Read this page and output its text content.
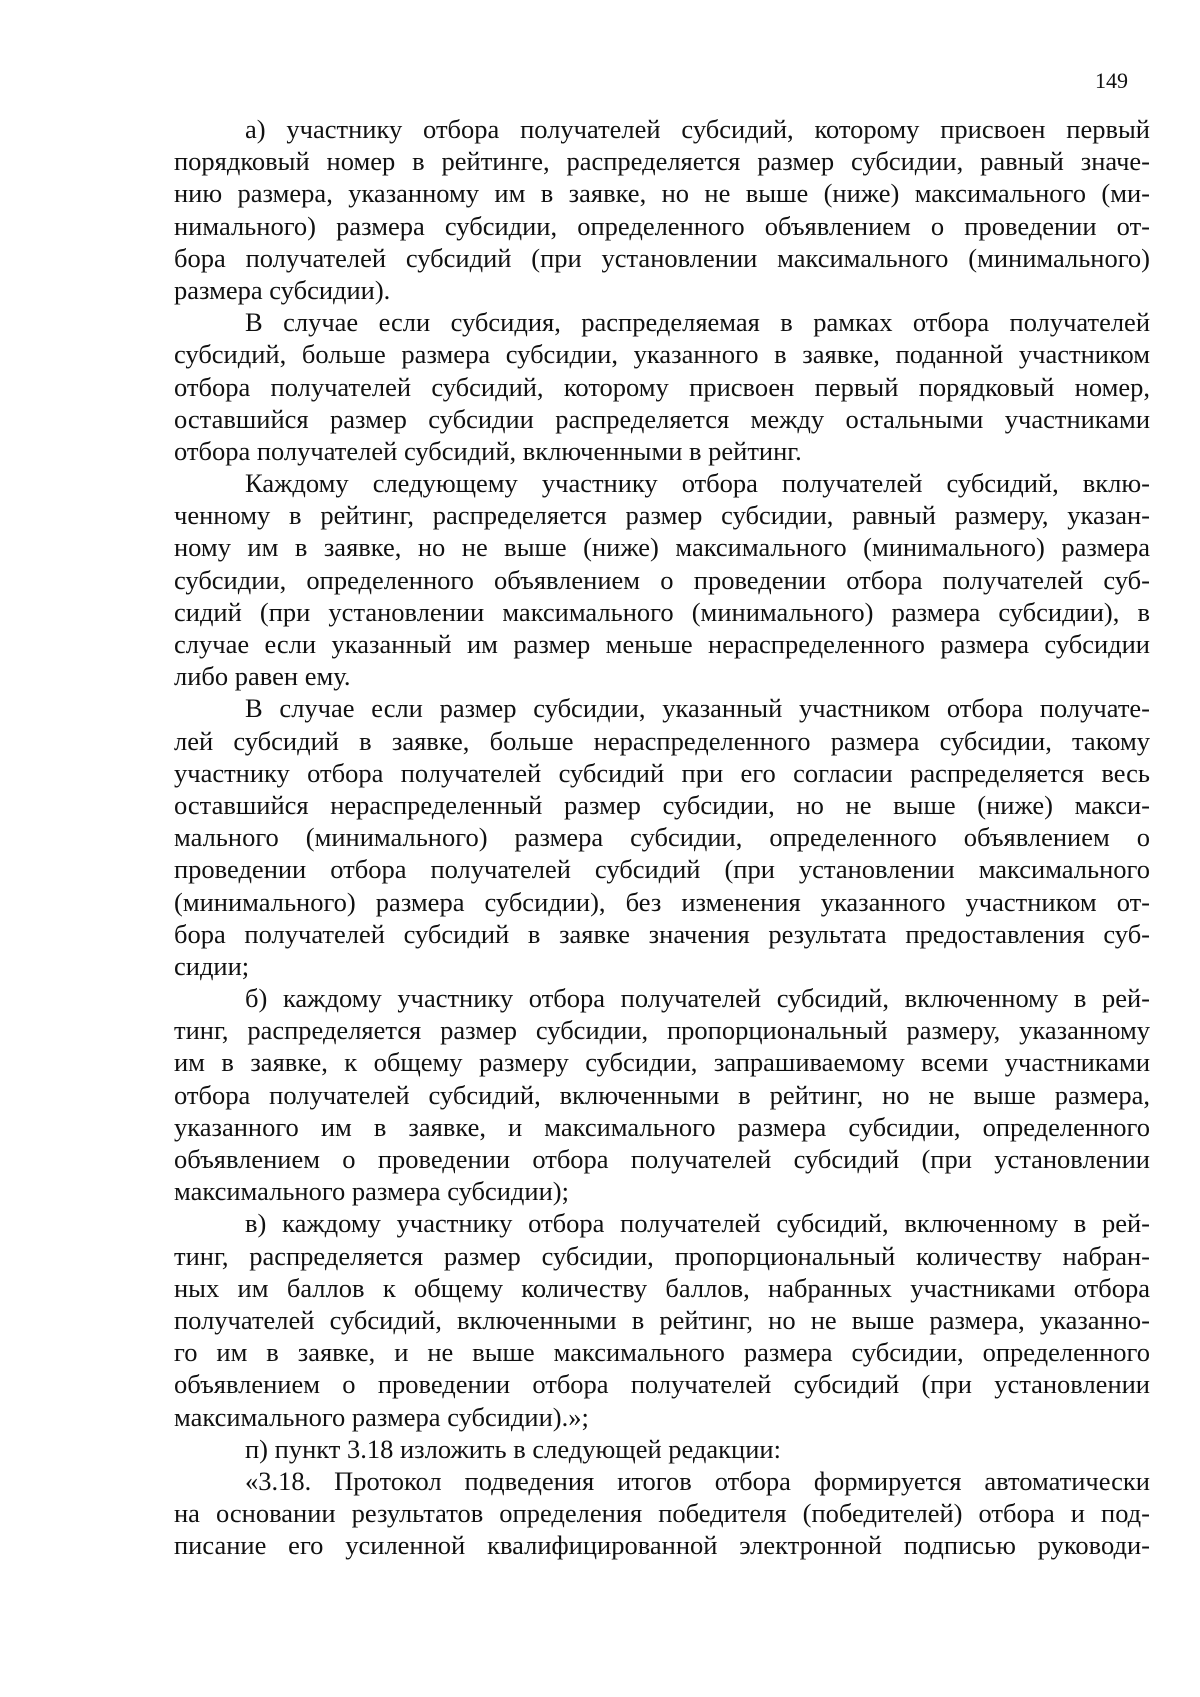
149
а) участнику отбора получателей субсидий, которому присвоен первый
порядковый номер в рейтинге, распределяется размер субсидии, равный значе-
нию размера, указанному им в заявке, но не выше (ниже) максимального (ми-
нимального) размера субсидии, определенного объявлением о проведении от-
бора получателей субсидий (при установлении максимального (минимального)
размера субсидии).
В случае если субсидия, распределяемая в рамках отбора получателей
субсидий, больше размера субсидии, указанного в заявке, поданной участником
отбора получателей субсидий, которому присвоен первый порядковый номер,
оставшийся размер субсидии распределяется между остальными участниками
отбора получателей субсидий, включенными в рейтинг.
Каждому следующему участнику отбора получателей субсидий, вклю-
ченному в рейтинг, распределяется размер субсидии, равный размеру, указан-
ному им в заявке, но не выше (ниже) максимального (минимального) размера
субсидии, определенного объявлением о проведении отбора получателей суб-
сидий (при установлении максимального (минимального) размера субсидии), в
случае если указанный им размер меньше нераспределенного размера субсидии
либо равен ему.
В случае если размер субсидии, указанный участником отбора получате-
лей субсидий в заявке, больше нераспределенного размера субсидии, такому
участнику отбора получателей субсидий при его согласии распределяется весь
оставшийся нераспределенный размер субсидии, но не выше (ниже) макси-
мального (минимального) размера субсидии, определенного объявлением о
проведении отбора получателей субсидий (при установлении максимального
(минимального) размера субсидии), без изменения указанного участником от-
бора получателей субсидий в заявке значения результата предоставления суб-
сидии;
б) каждому участнику отбора получателей субсидий, включенному в рей-
тинг, распределяется размер субсидии, пропорциональный размеру, указанному
им в заявке, к общему размеру субсидии, запрашиваемому всеми участниками
отбора получателей субсидий, включенными в рейтинг, но не выше размера,
указанного им в заявке, и максимального размера субсидии, определенного
объявлением о проведении отбора получателей субсидий (при установлении
максимального размера субсидии);
в) каждому участнику отбора получателей субсидий, включенному в рей-
тинг, распределяется размер субсидии, пропорциональный количеству набран-
ных им баллов к общему количеству баллов, набранных участниками отбора
получателей субсидий, включенными в рейтинг, но не выше размера, указанно-
го им в заявке, и не выше максимального размера субсидии, определенного
объявлением о проведении отбора получателей субсидий (при установлении
максимального размера субсидии).»;
п) пункт 3.18 изложить в следующей редакции:
«3.18. Протокол подведения итогов отбора формируется автоматически
на основании результатов определения победителя (победителей) отбора и под-
писание его усиленной квалифицированной электронной подписью руководи-
